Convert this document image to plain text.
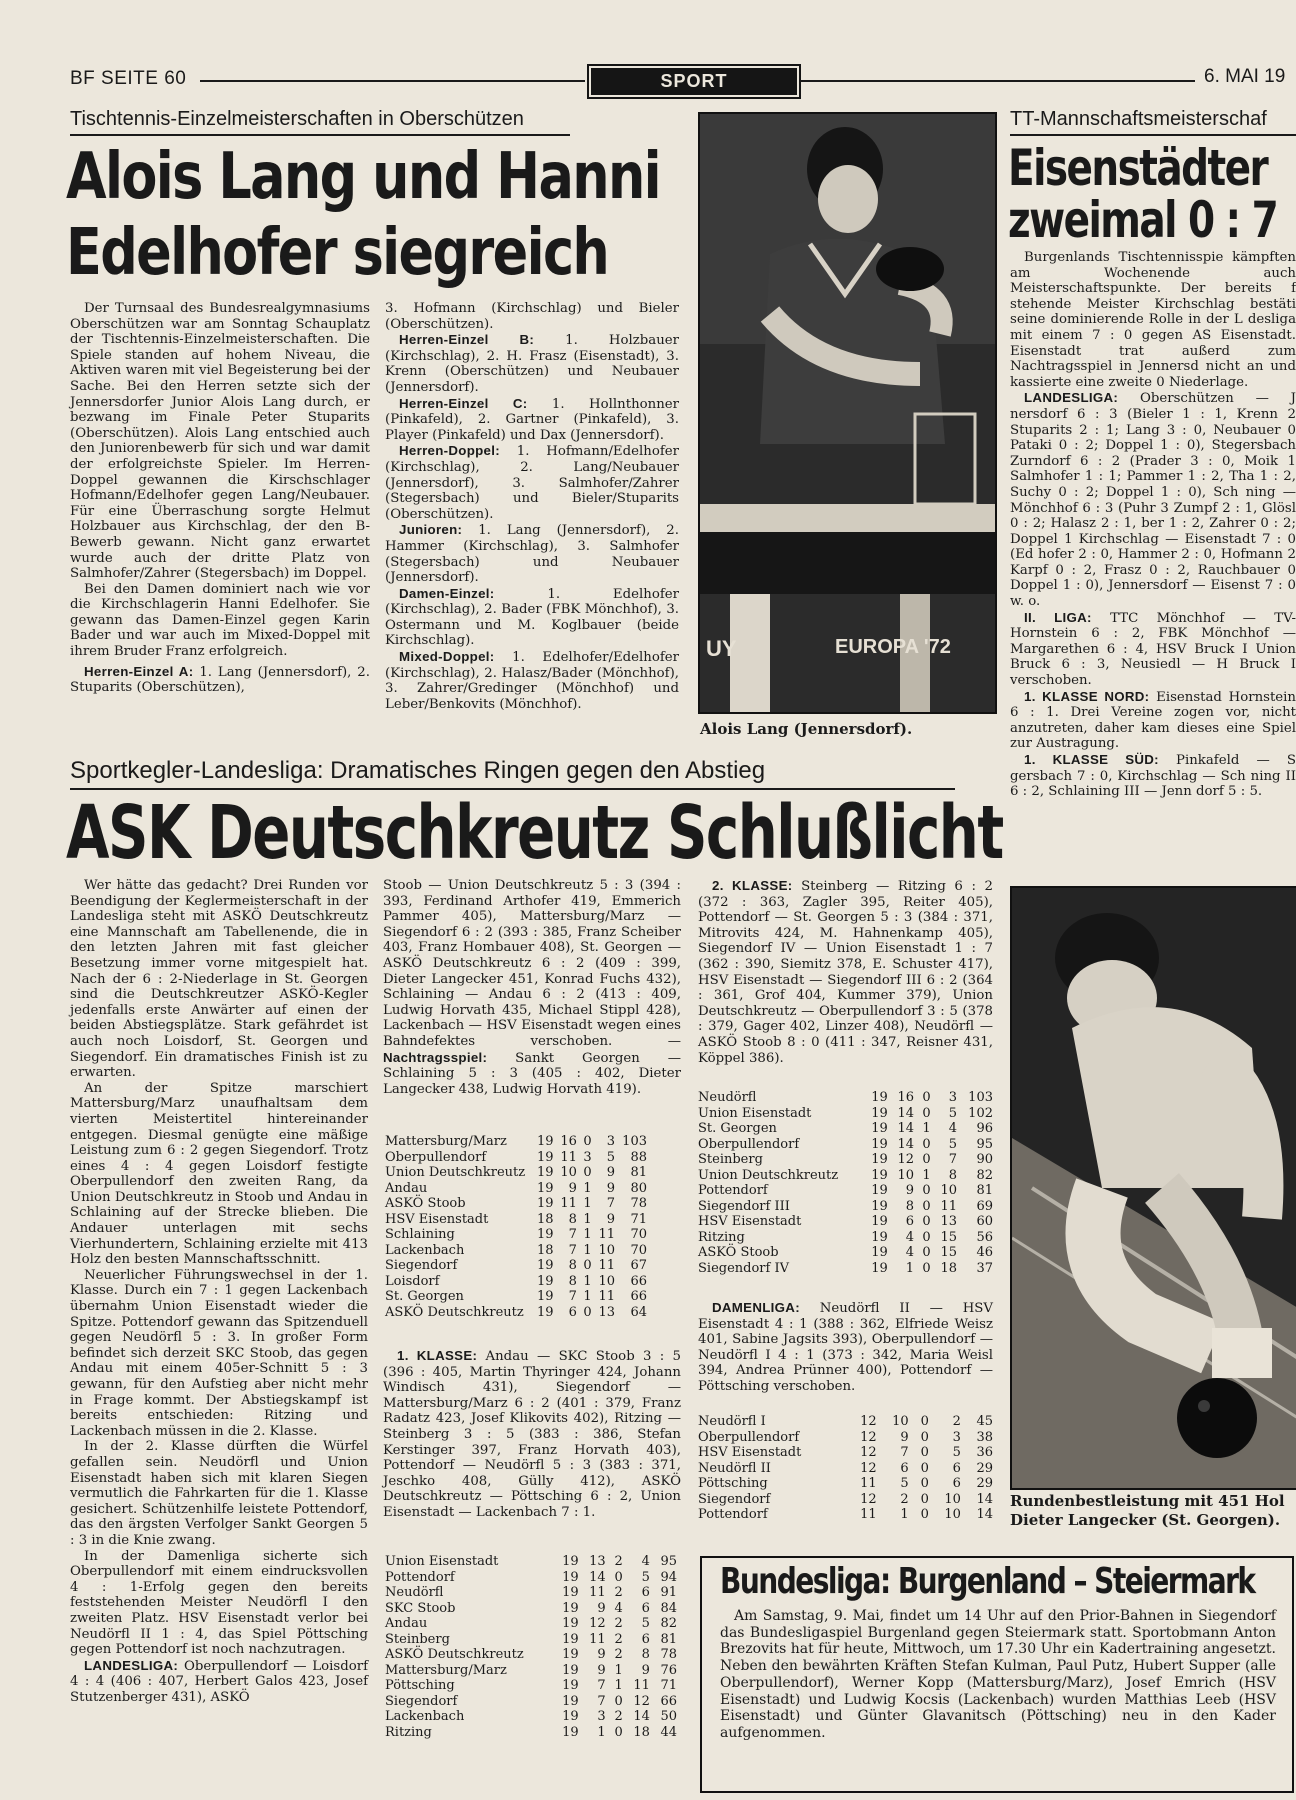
BF SEITE 60	SPORT	6. MAI 19
Tischtennis-Einzelmeisterschaften in Oberschützen
Alois Lang und Hanni
Edelhofer siegreich

Der Turnsaal des Bundesrealgymnasiums Oberschützen war am Sonntag Schauplatz der Tischtennis-Einzelmeisterschaften. Die Spiele standen auf hohem Niveau, die Aktiven waren mit viel Begeisterung bei der Sache. Bei den Herren setzte sich der Jennersdorfer Junior Alois Lang durch, er bezwang im Finale Peter Stuparits (Oberschützen). Alois Lang entschied auch den Juniorenbewerb für sich und war damit der erfolgreichste Spieler. Im Herren-Doppel gewannen die Kirschschlager Hofmann/Edelhofer gegen Lang/Neubauer. Für eine Überraschung sorgte Helmut Holzbauer aus Kirchschlag, der den B-Bewerb gewann. Nicht ganz erwartet wurde auch der dritte Platz von Salmhofer/Zahrer (Stegersbach) im Doppel.

Bei den Damen dominiert nach wie vor die Kirchschlagerin Hanni Edelhofer. Sie gewann das Damen-Einzel gegen Karin Bader und war auch im Mixed-Doppel mit ihrem Bruder Franz erfolgreich.

Herren-Einzel A: 1. Lang (Jennersdorf), 2. Stuparits (Oberschützen),

3. Hofmann (Kirchschlag) und Bieler (Oberschützen).

Herren-Einzel B: 1. Holzbauer (Kirchschlag), 2. H. Frasz (Eisenstadt), 3. Krenn (Oberschützen) und Neubauer (Jennersdorf).

Herren-Einzel C: 1. Hollnthonner (Pinkafeld), 2. Gartner (Pinkafeld), 3. Player (Pinkafeld) und Dax (Jennersdorf).

Herren-Doppel: 1. Hofmann/Edelhofer (Kirchschlag), 2. Lang/Neubauer (Jennersdorf), 3. Salmhofer/Zahrer (Stegersbach) und Bieler/Stuparits (Oberschützen).

Junioren: 1. Lang (Jennersdorf), 2. Hammer (Kirchschlag), 3. Salmhofer (Stegersbach) und Neubauer (Jennersdorf).

Damen-Einzel: 1. Edelhofer (Kirchschlag), 2. Bader (FBK Mönchhof), 3. Ostermann und M. Koglbauer (beide Kirchschlag).

Mixed-Doppel: 1. Edelhofer/Edelhofer (Kirchschlag), 2. Halasz/Bader (Mönchhof), 3. Zahrer/Gredinger (Mönchhof) und Leber/Benkovits (Mönchhof).

UY	EUROPA '72
Alois Lang (Jennersdorf).
TT-Mannschaftsmeisterschaf
Eisenstädter
zweimal 0 : 7

Burgenlands Tischtennisspie kämpften am Wochenende auch Meisterschaftspunkte. Der bereits f stehende Meister Kirchschlag bestäti seine dominierende Rolle in der L desliga mit einem 7 : 0 gegen AS Eisenstadt. Eisenstadt trat außerd zum Nachtragsspiel in Jennersd nicht an und kassierte eine zweite 0 Niederlage.

LANDESLIGA: Oberschützen — J nersdorf 6 : 3 (Bieler 1 : 1, Krenn 2 Stuparits 2 : 1; Lang 3 : 0, Neubauer 0 Pataki 0 : 2; Doppel 1 : 0), Stegersbach Zurndorf 6 : 2 (Prader 3 : 0, Moik 1 Salmhofer 1 : 1; Pammer 1 : 2, Tha 1 : 2, Suchy 0 : 2; Doppel 1 : 0), Sch ning — Mönchhof 6 : 3 (Puhr 3 Zumpf 2 : 1, Glösl 0 : 2; Halasz 2 : 1, ber 1 : 2, Zahrer 0 : 2; Doppel 1 Kirchschlag — Eisenstadt 7 : 0 (Ed hofer 2 : 0, Hammer 2 : 0, Hofmann 2 Karpf 0 : 2, Frasz 0 : 2, Rauchbauer 0 Doppel 1 : 0), Jennersdorf — Eisenst 7 : 0 w. o.

II. LIGA: TTC Mönchhof — TV- Hornstein 6 : 2, FBK Mönchhof — Margarethen 6 : 4, HSV Bruck I Union Bruck 6 : 3, Neusiedl — H Bruck I verschoben.

1. KLASSE NORD: Eisenstad Hornstein 6 : 1. Drei Vereine zogen vor, nicht anzutreten, daher kam dieses eine Spiel zur Austragung.

1. KLASSE SÜD: Pinkafeld — S gersbach 7 : 0, Kirchschlag — Sch ning II 6 : 2, Schlaining III — Jenn dorf 5 : 5.

Sportkegler-Landesliga: Dramatisches Ringen gegen den Abstieg
ASK Deutschkreutz Schlußlicht

Wer hätte das gedacht? Drei Runden vor Beendigung der Keglermeisterschaft in der Landesliga steht mit ASKÖ Deutschkreutz eine Mannschaft am Tabellenende, die in den letzten Jahren mit fast gleicher Besetzung immer vorne mitgespielt hat. Nach der 6 : 2-Niederlage in St. Georgen sind die Deutschkreutzer ASKÖ-Kegler jedenfalls erste Anwärter auf einen der beiden Abstiegsplätze. Stark gefährdet ist auch noch Loisdorf, St. Georgen und Siegendorf. Ein dramatisches Finish ist zu erwarten.

An der Spitze marschiert Mattersburg/Marz unaufhaltsam dem vierten Meistertitel hintereinander entgegen. Diesmal genügte eine mäßige Leistung zum 6 : 2 gegen Siegendorf. Trotz eines 4 : 4 gegen Loisdorf festigte Oberpullendorf den zweiten Rang, da Union Deutschkreutz in Stoob und Andau in Schlaining auf der Strecke blieben. Die Andauer unterlagen mit sechs Vierhundertern, Schlaining erzielte mit 413 Holz den besten Mannschaftsschnitt.

Neuerlicher Führungswechsel in der 1. Klasse. Durch ein 7 : 1 gegen Lackenbach übernahm Union Eisenstadt wieder die Spitze. Pottendorf gewann das Spitzenduell gegen Neudörfl 5 : 3. In großer Form befindet sich derzeit SKC Stoob, das gegen Andau mit einem 405er-Schnitt 5 : 3 gewann, für den Aufstieg aber nicht mehr in Frage kommt. Der Abstiegskampf ist bereits entschieden: Ritzing und Lackenbach müssen in die 2. Klasse.

In der 2. Klasse dürften die Würfel gefallen sein. Neudörfl und Union Eisenstadt haben sich mit klaren Siegen vermutlich die Fahrkarten für die 1. Klasse gesichert. Schützenhilfe leistete Pottendorf, das den ärgsten Verfolger Sankt Georgen 5 : 3 in die Knie zwang.

In der Damenliga sicherte sich Oberpullendorf mit einem eindrucksvollen 4 : 1-Erfolg gegen den bereits feststehenden Meister Neudörfl I den zweiten Platz. HSV Eisenstadt verlor bei Neudörfl II 1 : 4, das Spiel Pöttsching gegen Pottendorf ist noch nachzutragen.

LANDESLIGA: Oberpullendorf — Loisdorf 4 : 4 (406 : 407, Herbert Galos 423, Josef Stutzenberger 431), ASKÖ

Stoob — Union Deutschkreutz 5 : 3 (394 : 393, Ferdinand Arthofer 419, Emmerich Pammer 405), Mattersburg/Marz — Siegendorf 6 : 2 (393 : 385, Franz Scheiber 403, Franz Hombauer 408), St. Georgen — ASKÖ Deutschkreutz 6 : 2 (409 : 399, Dieter Langecker 451, Konrad Fuchs 432), Schlaining — Andau 6 : 2 (413 : 409, Ludwig Horvath 435, Michael Stippl 428), Lackenbach — HSV Eisenstadt wegen eines Bahndefektes verschoben. — Nachtragsspiel: Sankt Georgen — Schlaining 5 : 3 (405 : 402, Dieter Langecker 438, Ludwig Horvath 419).

Mattersburg/Marz	19	16	0	3	103
Oberpullendorf	19	11	3	5	88
Union Deutschkreutz	19	10	0	9	81
Andau	19	9	1	9	80
ASKÖ Stoob	19	11	1	7	78
HSV Eisenstadt	18	8	1	9	71
Schlaining	19	7	1	11	70
Lackenbach	18	7	1	10	70
Siegendorf	19	8	0	11	67
Loisdorf	19	8	1	10	66
St. Georgen	19	7	1	11	66
ASKÖ Deutschkreutz	19	6	0	13	64

1. KLASSE: Andau — SKC Stoob 3 : 5 (396 : 405, Martin Thyringer 424, Johann Windisch 431), Siegendorf — Mattersburg/Marz 6 : 2 (401 : 379, Franz Radatz 423, Josef Klikovits 402), Ritzing — Steinberg 3 : 5 (383 : 386, Stefan Kerstinger 397, Franz Horvath 403), Pottendorf — Neudörfl 5 : 3 (383 : 371, Jeschko 408, Gülly 412), ASKÖ Deutschkreutz — Pöttsching 6 : 2, Union Eisenstadt — Lackenbach 7 : 1.

Union Eisenstadt	19	13	2	4	95
Pottendorf	19	14	0	5	94
Neudörfl	19	11	2	6	91
SKC Stoob	19	9	4	6	84
Andau	19	12	2	5	82
Steinberg	19	11	2	6	81
ASKÖ Deutschkreutz	19	9	2	8	78
Mattersburg/Marz	19	9	1	9	76
Pöttsching	19	7	1	11	71
Siegendorf	19	7	0	12	66
Lackenbach	19	3	2	14	50
Ritzing	19	1	0	18	44

2. KLASSE: Steinberg — Ritzing 6 : 2 (372 : 363, Zagler 395, Reiter 405), Pottendorf — St. Georgen 5 : 3 (384 : 371, Mitrovits 424, M. Hahnenkamp 405), Siegendorf IV — Union Eisenstadt 1 : 7 (362 : 390, Siemitz 378, E. Schuster 417), HSV Eisenstadt — Siegendorf III 6 : 2 (364 : 361, Grof 404, Kummer 379), Union Deutschkreutz — Oberpullendorf 3 : 5 (378 : 379, Gager 402, Linzer 408), Neudörfl — ASKÖ Stoob 8 : 0 (411 : 347, Reisner 431, Köppel 386).

Neudörfl	19	16	0	3	103
Union Eisenstadt	19	14	0	5	102
St. Georgen	19	14	1	4	96
Oberpullendorf	19	14	0	5	95
Steinberg	19	12	0	7	90
Union Deutschkreutz	19	10	1	8	82
Pottendorf	19	9	0	10	81
Siegendorf III	19	8	0	11	69
HSV Eisenstadt	19	6	0	13	60
Ritzing	19	4	0	15	56
ASKÖ Stoob	19	4	0	15	46
Siegendorf IV	19	1	0	18	37

DAMENLIGA: Neudörfl II — HSV Eisenstadt 4 : 1 (388 : 362, Elfriede Weisz 401, Sabine Jagsits 393), Oberpullendorf — Neudörfl I 4 : 1 (373 : 342, Maria Weisl 394, Andrea Prünner 400), Pottendorf — Pöttsching verschoben.

Neudörfl I	12	10	0	2	45
Oberpullendorf	12	9	0	3	38
HSV Eisenstadt	12	7	0	5	36
Neudörfl II	12	6	0	6	29
Pöttsching	11	5	0	6	29
Siegendorf	12	2	0	10	14
Pottendorf	11	1	0	10	14
Rundenbestleistung mit 451 Hol
Dieter Langecker (St. Georgen).
Bundesliga: Burgenland – Steiermark

Am Samstag, 9. Mai, findet um 14 Uhr auf den Prior-Bahnen in Siegendorf das Bundesligaspiel Burgenland gegen Steiermark statt. Sportobmann Anton Brezovits hat für heute, Mittwoch, um 17.30 Uhr ein Kadertraining angesetzt. Neben den bewährten Kräften Stefan Kulman, Paul Putz, Hubert Supper (alle Oberpullendorf), Werner Kopp (Mattersburg/Marz), Josef Emrich (HSV Eisenstadt) und Ludwig Kocsis (Lackenbach) wurden Matthias Leeb (HSV Eisenstadt) und Günter Glavanitsch (Pöttsching) neu in den Kader aufgenommen.
